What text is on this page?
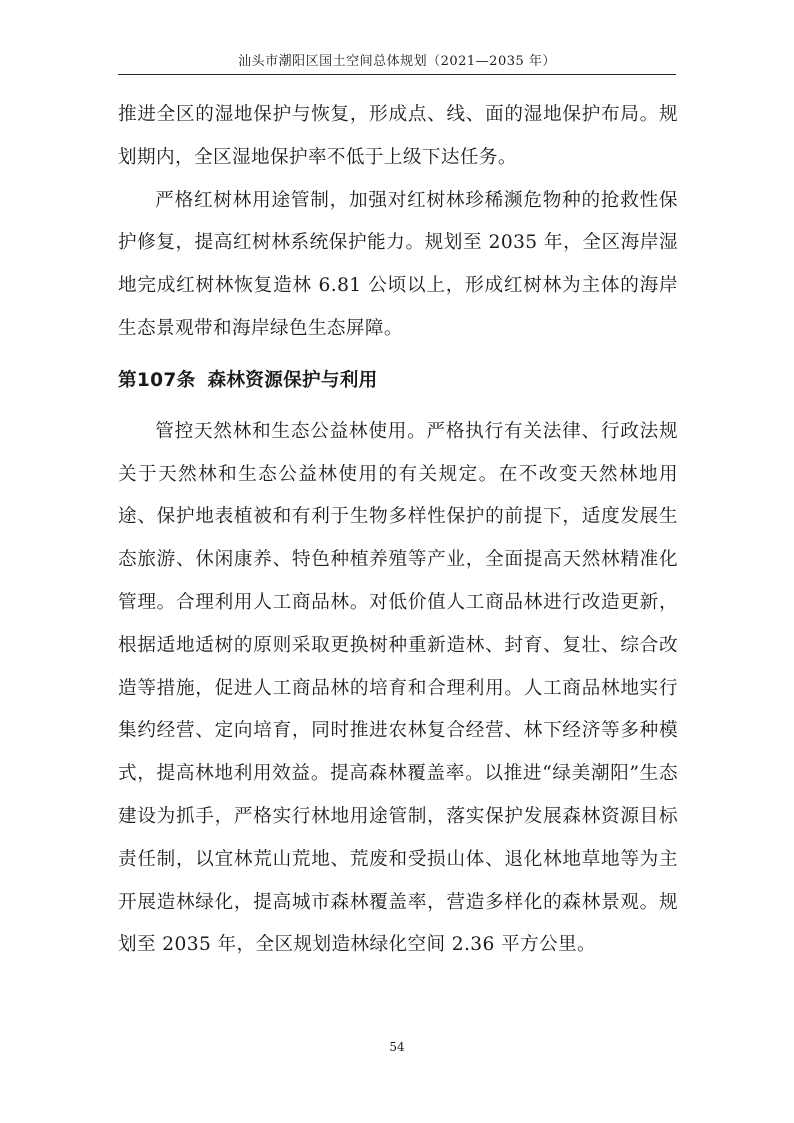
汕头市潮阳区国土空间总体规划（2021—2035 年）

推进全区的湿地保护与恢复，形成点、线、面的湿地保护布局。规划期内，全区湿地保护率不低于上级下达任务。

严格红树林用途管制，加强对红树林珍稀濒危物种的抢救性保护修复，提高红树林系统保护能力。规划至 2035 年，全区海岸湿地完成红树林恢复造林 6.81 公顷以上，形成红树林为主体的海岸生态景观带和海岸绿色生态屏障。

第107条 森林资源保护与利用

管控天然林和生态公益林使用。严格执行有关法律、行政法规关于天然林和生态公益林使用的有关规定。在不改变天然林地用途、保护地表植被和有利于生物多样性保护的前提下，适度发展生态旅游、休闲康养、特色种植养殖等产业，全面提高天然林精准化管理。合理利用人工商品林。对低价值人工商品林进行改造更新，根据适地适树的原则采取更换树种重新造林、封育、复壮、综合改造等措施，促进人工商品林的培育和合理利用。人工商品林地实行集约经营、定向培育，同时推进农林复合经营、林下经济等多种模式，提高林地利用效益。提高森林覆盖率。以推进“绿美潮阳”生态建设为抓手，严格实行林地用途管制，落实保护发展森林资源目标责任制，以宜林荒山荒地、荒废和受损山体、退化林地草地等为主开展造林绿化，提高城市森林覆盖率，营造多样化的森林景观。规划至 2035 年，全区规划造林绿化空间 2.36 平方公里。

54
